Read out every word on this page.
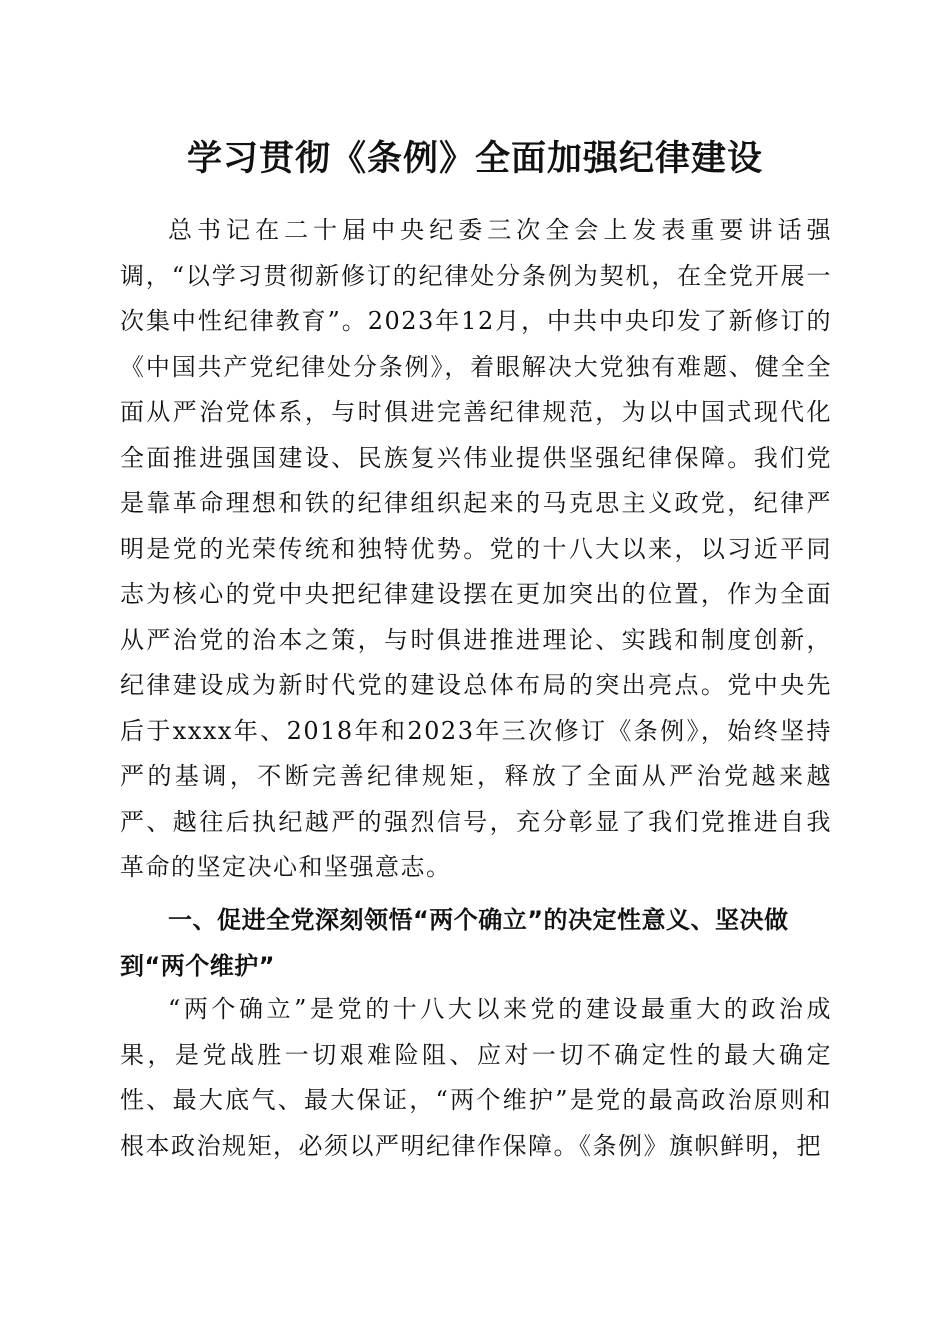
学习贯彻《条例》全面加强纪律建设

总书记在二十届中央纪委三次全会上发表重要讲话强调，“以学习贯彻新修订的纪律处分条例为契机，在全党开展一次集中性纪律教育”。2023年12月，中共中央印发了新修订的《中国共产党纪律处分条例》，着眼解决大党独有难题、健全全面从严治党体系，与时俱进完善纪律规范，为以中国式现代化全面推进强国建设、民族复兴伟业提供坚强纪律保障。我们党是靠革命理想和铁的纪律组织起来的马克思主义政党，纪律严明是党的光荣传统和独特优势。党的十八大以来，以习近平同志为核心的党中央把纪律建设摆在更加突出的位置，作为全面从严治党的治本之策，与时俱进推进理论、实践和制度创新，纪律建设成为新时代党的建设总体布局的突出亮点。党中央先后于xxxx年、2018年和2023年三次修订《条例》，始终坚持严的基调，不断完善纪律规矩，释放了全面从严治党越来越严、越往后执纪越严的强烈信号，充分彰显了我们党推进自我革命的坚定决心和坚强意志。

一、促进全党深刻领悟“两个确立”的决定性意义、坚决做到“两个维护”

“两个确立”是党的十八大以来党的建设最重大的政治成果，是党战胜一切艰难险阻、应对一切不确定性的最大确定性、最大底气、最大保证，“两个维护”是党的最高政治原则和根本政治规矩，必须以严明纪律作保障。《条例》旗帜鲜明，把
